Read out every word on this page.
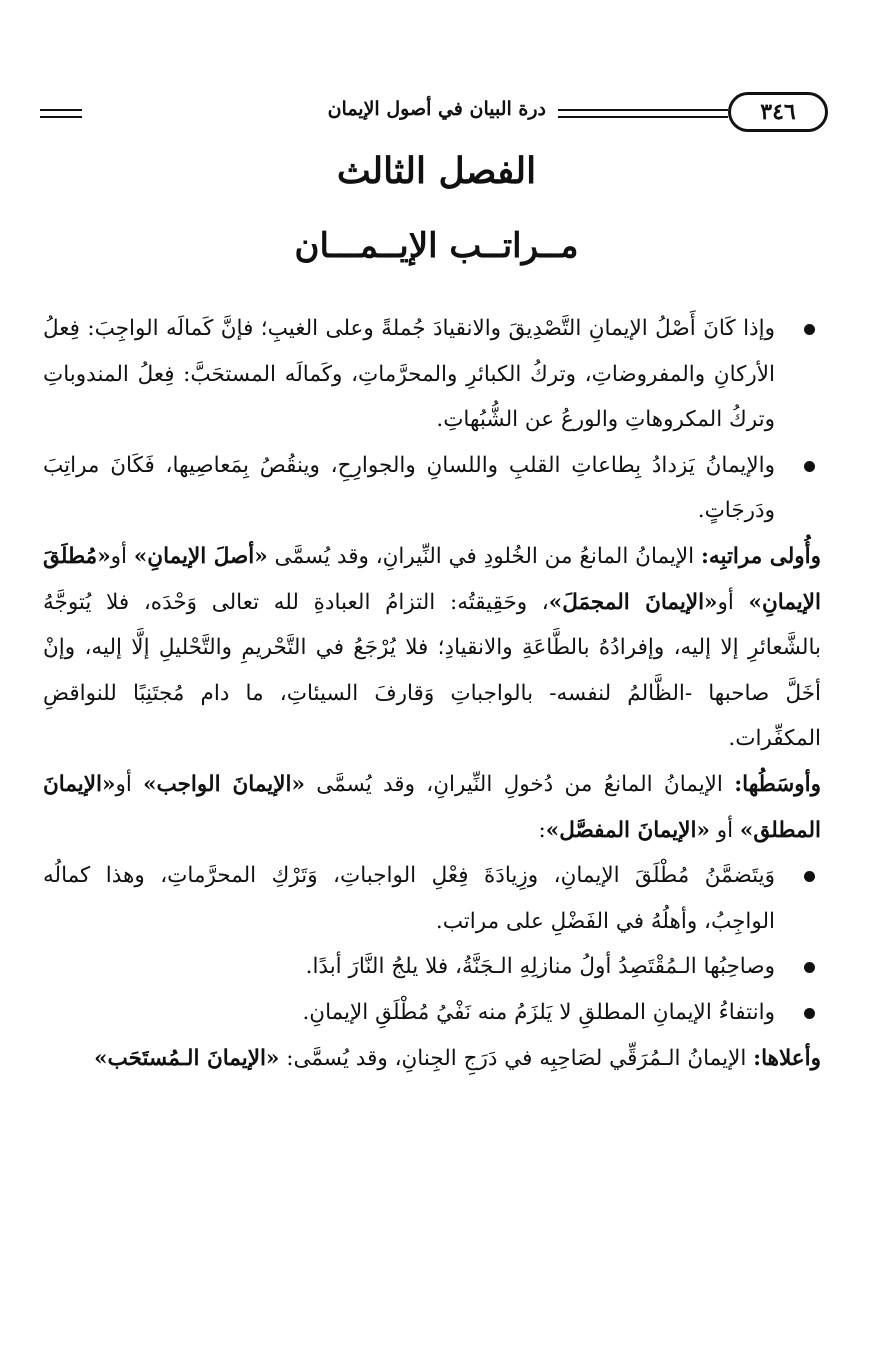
٣٤٦
درة البيان في أصول الإيمان
الفصل الثالث
مــراتــب الإيــمـــان

وإذا كَانَ أَصْلُ الإيمانِ التَّصْدِيقَ والانقيادَ جُملةً وعلى الغيبِ؛ فإنَّ كَمالَه الواجِبَ: فِعلُ الأركانِ والمفروضاتِ، وتركُ الكبائرِ والمحرَّماتِ، وكَمالَه المستحَبَّ: فِعلُ المندوباتِ وتركُ المكروهاتِ والورعُ عن الشُّبُهاتِ.

والإيمانُ يَزدادُ بِطاعاتِ القلبِ واللسانِ والجوارِحِ، وينقُصُ بِمَعاصِيها، فَكَانَ مراتِبَ ودَرجَاتٍ.

وأُولى مراتبِه: الإيمانُ المانعُ من الخُلودِ في النِّيرانِ، وقد يُسمَّى «أصلَ الإيمانِ» أو«مُطلَقَ الإيمانِ» أو«الإيمانَ المجمَلَ»، وحَقِيقتُه: التزامُ العبادةِ لله تعالى وَحْدَه، فلا يُتوجَّهُ بالشَّعائرِ إلا إليه، وإفرادُهُ بالطَّاعَةِ والانقيادِ؛ فلا يُرْجَعُ في التَّحْريمِ والتَّحْليلِ إلَّا إليه، وإنْ أخَلَّ صاحبها -الظَّالمُ لنفسه- بالواجباتِ وَقارفَ السيئاتِ، ما دام مُجتَنِبًا للنواقضِ المكفِّرات.

وأوسَطُها: الإيمانُ المانعُ من دُخولِ النِّيرانِ، وقد يُسمَّى «الإيمانَ الواجب» أو«الإيمانَ المطلق» أو «الإيمانَ المفصَّل»:

وَيتَضمَّنُ مُطْلَقَ الإيمانِ، وزِيادَةَ فِعْلِ الواجباتِ، وَتَرْكِ المحرَّماتِ، وهذا كمالُه الواجِبُ، وأهلُهُ في الفَضْلِ على مراتب.

وصاحِبُها الـمُقْتَصِدُ أولُ منازلِهِ الـجَنَّةُ، فلا يلجُ النَّارَ أبدًا.

وانتفاءُ الإيمانِ المطلقِ لا يَلزَمُ منه نَفْيُ مُطْلَقِ الإيمانِ.

وأعلاها: الإيمانُ الـمُرَقِّي لصَاحِبِه في دَرَجِ الجِنانِ، وقد يُسمَّى: «الإيمانَ الـمُستَحَب»
